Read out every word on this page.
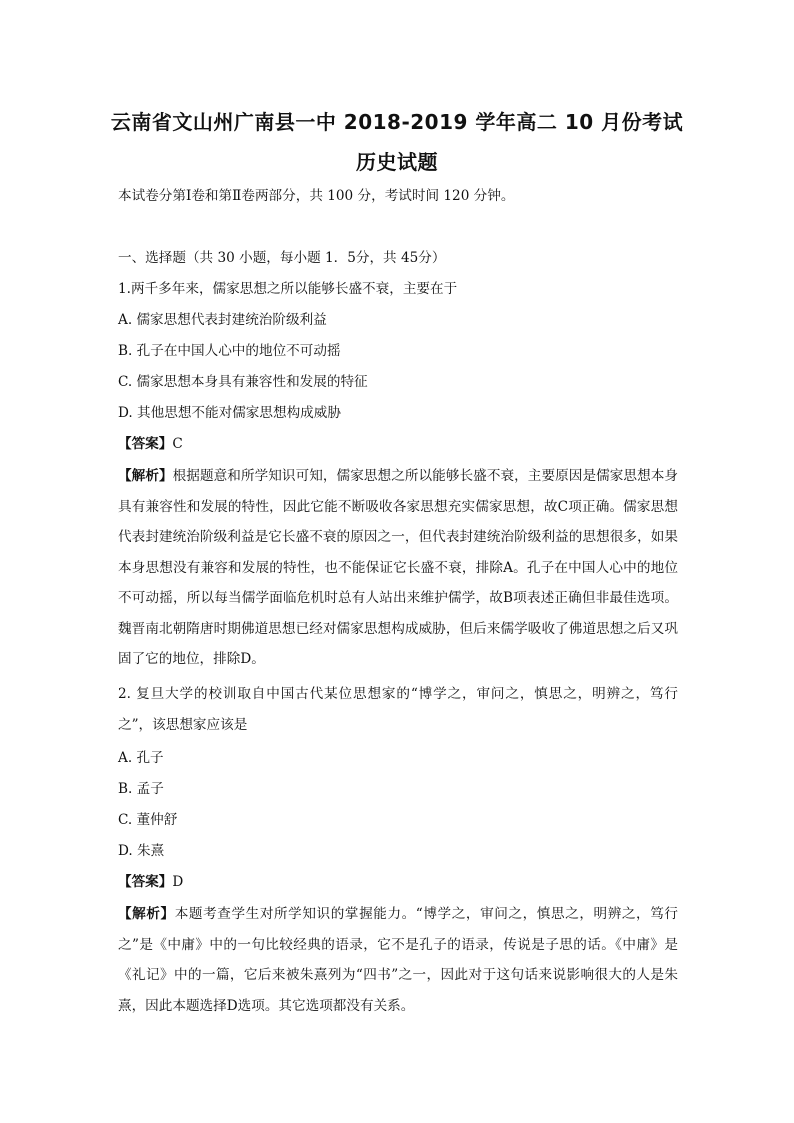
云南省文山州广南县一中 2018-2019 学年高二 10 月份考试
历史试题
本试卷分第Ⅰ卷和第Ⅱ卷两部分，共 100 分，考试时间 120 分钟。
一、选择题（共 30 小题，每小题 1．5分，共 45分）
1.两千多年来，儒家思想之所以能够长盛不衰，主要在于
A. 儒家思想代表封建统治阶级利益
B. 孔子在中国人心中的地位不可动摇
C. 儒家思想本身具有兼容性和发展的特征
D. 其他思想不能对儒家思想构成威胁
【答案】C
【解析】根据题意和所学知识可知，儒家思想之所以能够长盛不衰，主要原因是儒家思想本身具有兼容性和发展的特性，因此它能不断吸收各家思想充实儒家思想，故C项正确。儒家思想代表封建统治阶级利益是它长盛不衰的原因之一，但代表封建统治阶级利益的思想很多，如果本身思想没有兼容和发展的特性，也不能保证它长盛不衰，排除A。孔子在中国人心中的地位不可动摇，所以每当儒学面临危机时总有人站出来维护儒学，故B项表述正确但非最佳选项。魏晋南北朝隋唐时期佛道思想已经对儒家思想构成威胁，但后来儒学吸收了佛道思想之后又巩固了它的地位，排除D。
2. 复旦大学的校训取自中国古代某位思想家的“博学之，审问之，慎思之，明辨之，笃行之”，该思想家应该是
A. 孔子
B. 孟子
C. 董仲舒
D. 朱熹
【答案】D
【解析】本题考查学生对所学知识的掌握能力。“博学之，审问之，慎思之，明辨之，笃行之”是《中庸》中的一句比较经典的语录，它不是孔子的语录，传说是子思的话。《中庸》是《礼记》中的一篇，它后来被朱熹列为“四书”之一，因此对于这句话来说影响很大的人是朱熹，因此本题选择D选项。其它选项都没有关系。
